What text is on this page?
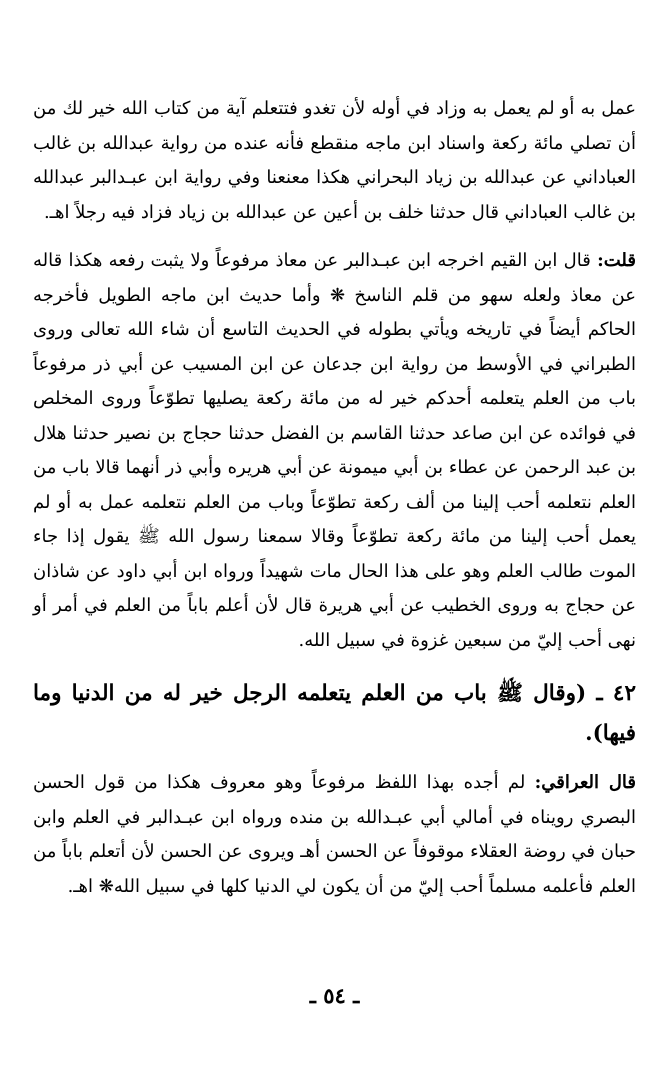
عمل به أو لم يعمل به وزاد في أوله لأن تغدو فتتعلم آية من كتاب الله خير لك من أن تصلي مائة ركعة واسناد ابن ماجه منقطع فأنه عنده من رواية عبدالله بن غالب العباداني عن عبدالله بن زياد البحراني هكذا معنعنا وفي رواية ابن عبـدالبر عبدالله بن غالب العباداني قال حدثنا خلف بن أعين عن عبدالله بن زياد فزاد فيه رجلاً اهـ.

قلت: قال ابن القيم اخرجه ابن عبـدالبر عن معاذ مرفوعاً ولا يثبت رفعه هكذا قاله عن معاذ ولعله سهو من قلم الناسخ ❋ وأما حديث ابن ماجه الطويل فأخرجه الحاكم أيضاً في تاريخه ويأتي بطوله في الحديث التاسع أن شاء الله تعالى وروى الطبراني في الأوسط من رواية ابن جدعان عن ابن المسيب عن أبي ذر مرفوعاً باب من العلم يتعلمه أحدكم خير له من مائة ركعة يصليها تطوّعاً وروى المخلص في فوائده عن ابن صاعد حدثنا القاسم بن الفضل حدثنا حجاج بن نصير حدثنا هلال بن عبد الرحمن عن عطاء بن أبي ميمونة عن أبي هريره وأبي ذر أنهما قالا باب من العلم نتعلمه أحب إلينا من ألف ركعة تطوّعاً وباب من العلم نتعلمه عمل به أو لم يعمل أحب إلينا من مائة ركعة تطوّعاً وقالا سمعنا رسول الله ﷺ يقول إذا جاء الموت طالب العلم وهو على هذا الحال مات شهيداً ورواه ابن أبي داود عن شاذان عن حجاج به وروى الخطيب عن أبي هريرة قال لأن أعلم باباً من العلم في أمر أو نهى أحب إليّ من سبعين غزوة في سبيل الله.

٤٢ ـ (وقال ﷺ باب من العلم يتعلمه الرجل خير له من الدنيا وما فيها).

قال العراقي: لم أجده بهذا اللفظ مرفوعاً وهو معروف هكذا من قول الحسن البصري رويناه في أمالي أبي عبـدالله بن منده ورواه ابن عبـدالبر في العلم وابن حبان في روضة العقلاء موقوفاً عن الحسن أهـ ويروى عن الحسن لأن أتعلم باباً من العلم فأعلمه مسلماً أحب إليّ من أن يكون لي الدنيا كلها في سبيل الله❋ اهـ.

ـ ٥٤ ـ
